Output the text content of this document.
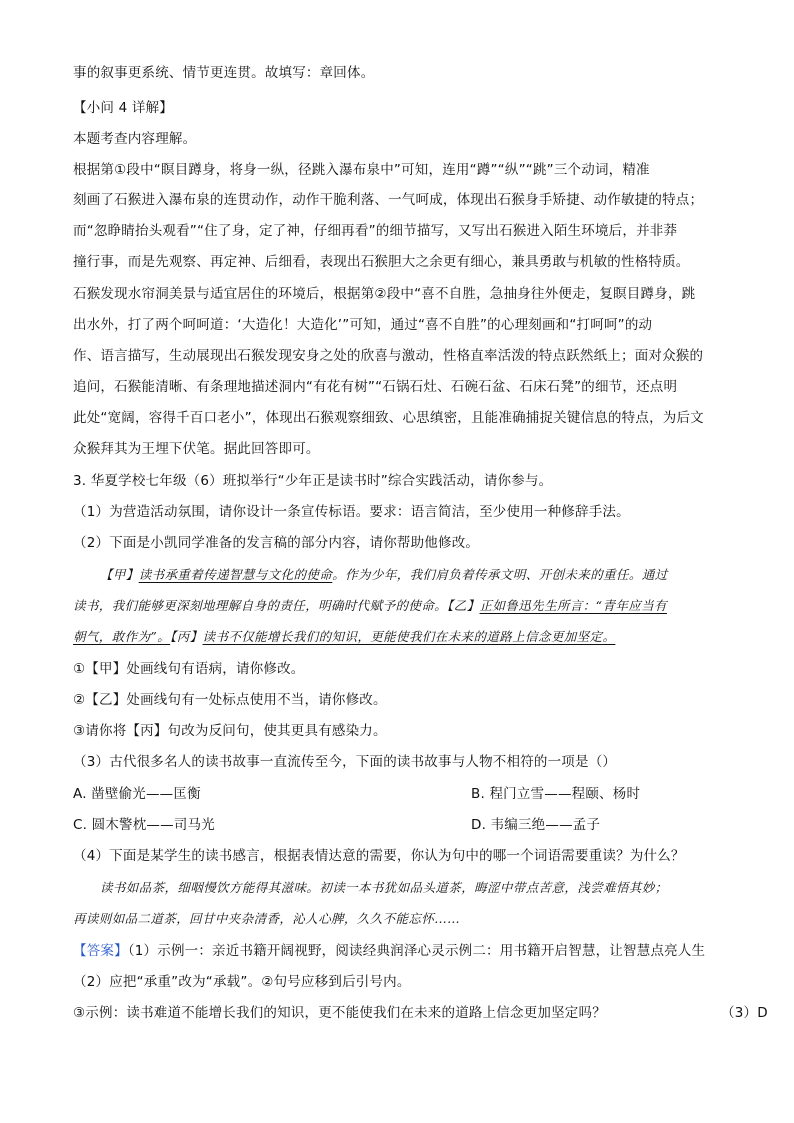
事的叙事更系统、情节更连贯。故填写：章回体。
【小问 4 详解】
本题考查内容理解。
根据第①段中“瞑目蹲身，将身一纵，径跳入瀑布泉中”可知，连用“蹲”“纵”“跳”三个动词，精准
刻画了石猴进入瀑布泉的连贯动作，动作干脆利落、一气呵成，体现出石猴身手矫捷、动作敏捷的特点；
而“忽睁睛抬头观看”“住了身，定了神，仔细再看”的细节描写，又写出石猴进入陌生环境后，并非莽
撞行事，而是先观察、再定神、后细看，表现出石猴胆大之余更有细心，兼具勇敢与机敏的性格特质。
石猴发现水帘洞美景与适宜居住的环境后，根据第②段中“喜不自胜，急抽身往外便走，复瞑目蹲身，跳
出水外，打了两个呵呵道：‘大造化！大造化’”可知，通过“喜不自胜”的心理刻画和“打呵呵”的动
作、语言描写，生动展现出石猴发现安身之处的欣喜与激动，性格直率活泼的特点跃然纸上；面对众猴的
追问，石猴能清晰、有条理地描述洞内“有花有树”“石锅石灶、石碗石盆、石床石凳”的细节，还点明
此处“宽阔，容得千百口老小”，体现出石猴观察细致、心思缜密，且能准确捕捉关键信息的特点，为后文
众猴拜其为王埋下伏笔。据此回答即可。
3. 华夏学校七年级（6）班拟举行“少年正是读书时”综合实践活动，请你参与。
（1）为营造活动氛围，请你设计一条宣传标语。要求：语言简洁，至少使用一种修辞手法。
（2）下面是小凯同学准备的发言稿的部分内容，请你帮助他修改。
【甲】读书承重着传递智慧与文化的使命。作为少年，我们肩负着传承文明、开创未来的重任。通过
读书，我们能够更深刻地理解自身的责任，明确时代赋予的使命。【乙】正如鲁迅先生所言：“青年应当有
朝气，敢作为”。【丙】读书不仅能增长我们的知识，更能使我们在未来的道路上信念更加坚定。
①【甲】处画线句有语病，请你修改。
②【乙】处画线句有一处标点使用不当，请你修改。
③请你将【丙】句改为反问句，使其更具有感染力。
（3）古代很多名人的读书故事一直流传至今，下面的读书故事与人物不相符的一项是（）
A. 凿壁偷光——匡衡	B. 程门立雪——程颐、杨时
C. 圆木警枕——司马光	D. 韦编三绝——孟子
（4）下面是某学生的读书感言，根据表情达意的需要，你认为句中的哪一个词语需要重读？为什么？
读书如品茶，细咽慢饮方能得其滋味。初读一本书犹如品头道茶，晦涩中带点苦意，浅尝难悟其妙；
再读则如品二道茶，回甘中夹杂清香，沁人心脾，久久不能忘怀……
【答案】（1）示例一：亲近书籍开阔视野，阅读经典润泽心灵示例二：用书籍开启智慧，让智慧点亮人生
（2）应把“承重”改为“承载”。②句号应移到后引号内。
③示例：读书难道不能增长我们的知识，更不能使我们在未来的道路上信念更加坚定吗？	（3）D
